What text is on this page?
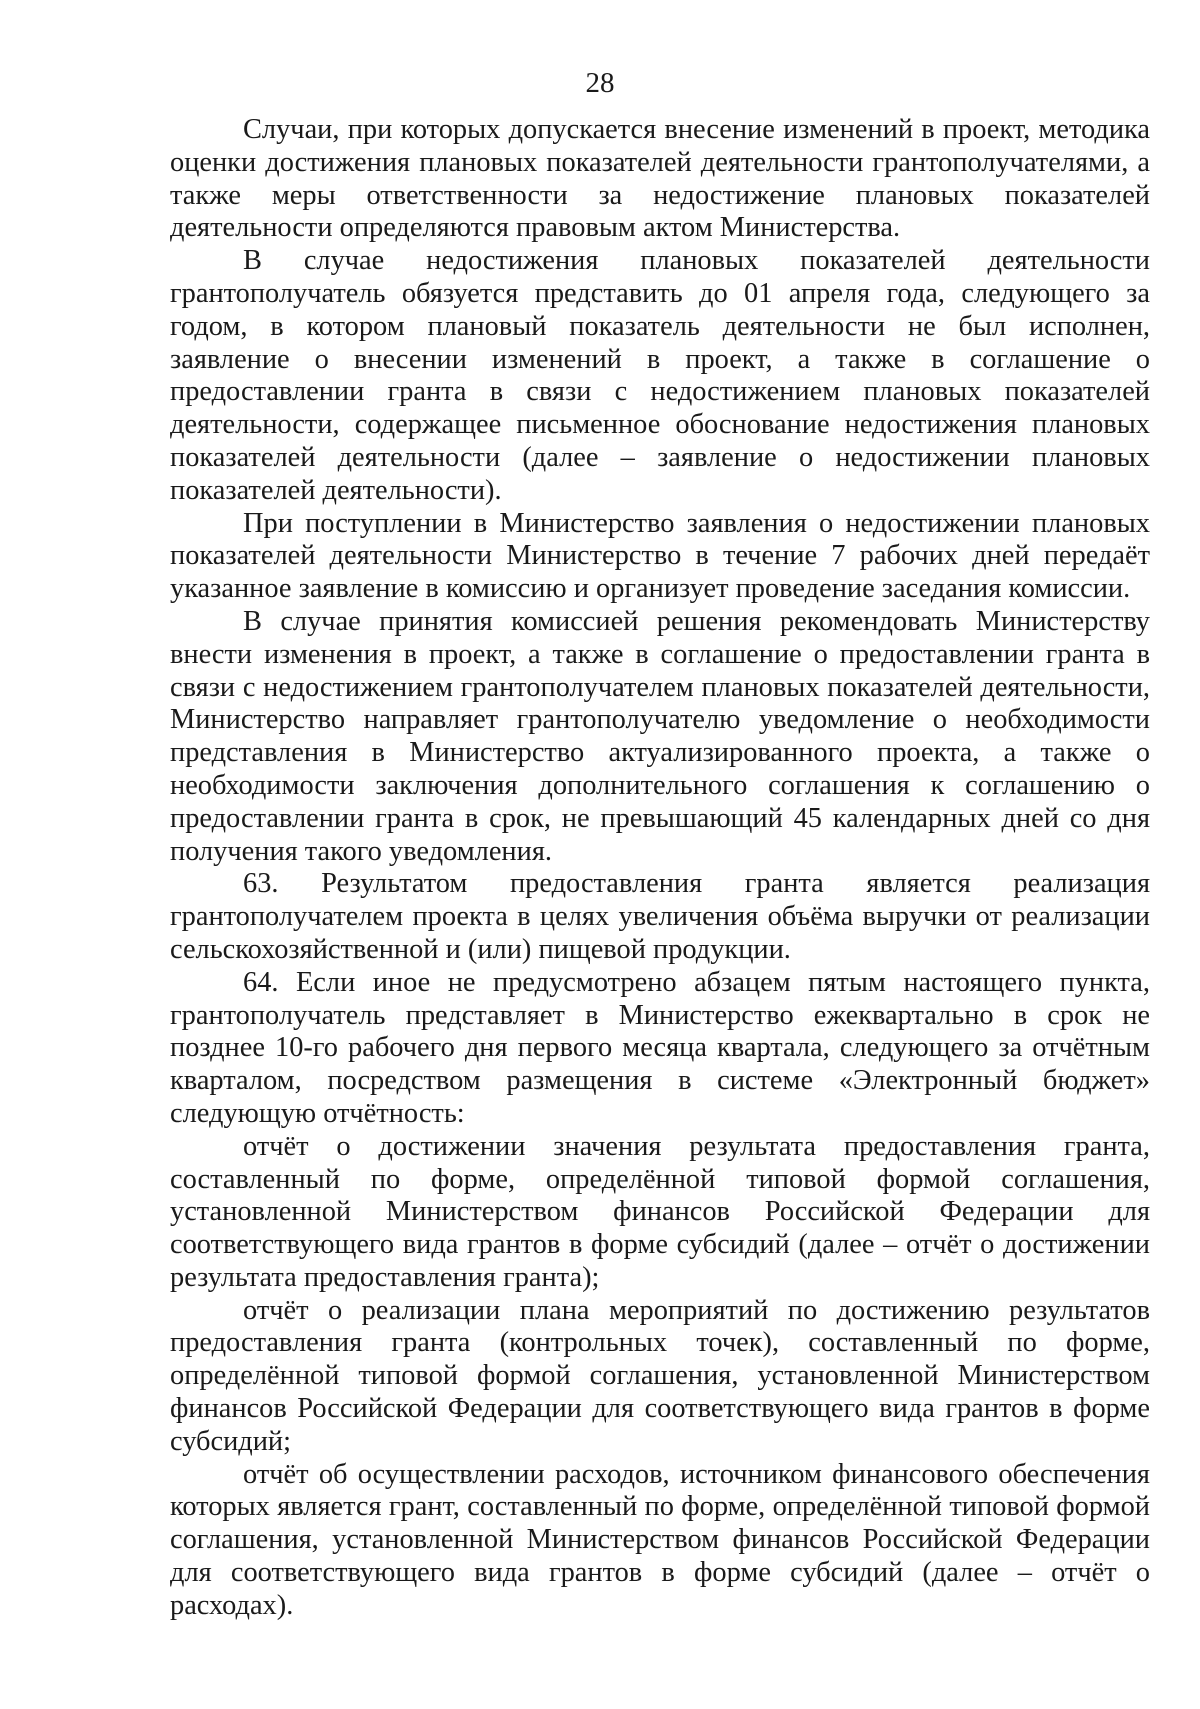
28

Случаи, при которых допускается внесение изменений в проект, методика оценки достижения плановых показателей деятельности грантополучателями, а также меры ответственности за недостижение плановых показателей деятельности определяются правовым актом Министерства.

В случае недостижения плановых показателей деятельности грантополучатель обязуется представить до 01 апреля года, следующего за годом, в котором плановый показатель деятельности не был исполнен, заявление о внесении изменений в проект, а также в соглашение о предоставлении гранта в связи с недостижением плановых показателей деятельности, содержащее письменное обоснование недостижения плановых показателей деятельности (далее – заявление о недостижении плановых показателей деятельности).

При поступлении в Министерство заявления о недостижении плановых показателей деятельности Министерство в течение 7 рабочих дней передаёт указанное заявление в комиссию и организует проведение заседания комиссии.

В случае принятия комиссией решения рекомендовать Министерству внести изменения в проект, а также в соглашение о предоставлении гранта в связи с недостижением грантополучателем плановых показателей деятельности, Министерство направляет грантополучателю уведомление о необходимости представления в Министерство актуализированного проекта, а также о необходимости заключения дополнительного соглашения к соглашению о предоставлении гранта в срок, не превышающий 45 календарных дней со дня получения такого уведомления.

63. Результатом предоставления гранта является реализация грантополучателем проекта в целях увеличения объёма выручки от реализации сельскохозяйственной и (или) пищевой продукции.

64. Если иное не предусмотрено абзацем пятым настоящего пункта, грантополучатель представляет в Министерство ежеквартально в срок не позднее 10-го рабочего дня первого месяца квартала, следующего за отчётным кварталом, посредством размещения в системе «Электронный бюджет» следующую отчётность:

отчёт о достижении значения результата предоставления гранта, составленный по форме, определённой типовой формой соглашения, установленной Министерством финансов Российской Федерации для соответствующего вида грантов в форме субсидий (далее – отчёт о достижении результата предоставления гранта);

отчёт о реализации плана мероприятий по достижению результатов предоставления гранта (контрольных точек), составленный по форме, определённой типовой формой соглашения, установленной Министерством финансов Российской Федерации для соответствующего вида грантов в форме субсидий;

отчёт об осуществлении расходов, источником финансового обеспечения которых является грант, составленный по форме, определённой типовой формой соглашения, установленной Министерством финансов Российской Федерации для соответствующего вида грантов в форме субсидий (далее – отчёт о расходах).
